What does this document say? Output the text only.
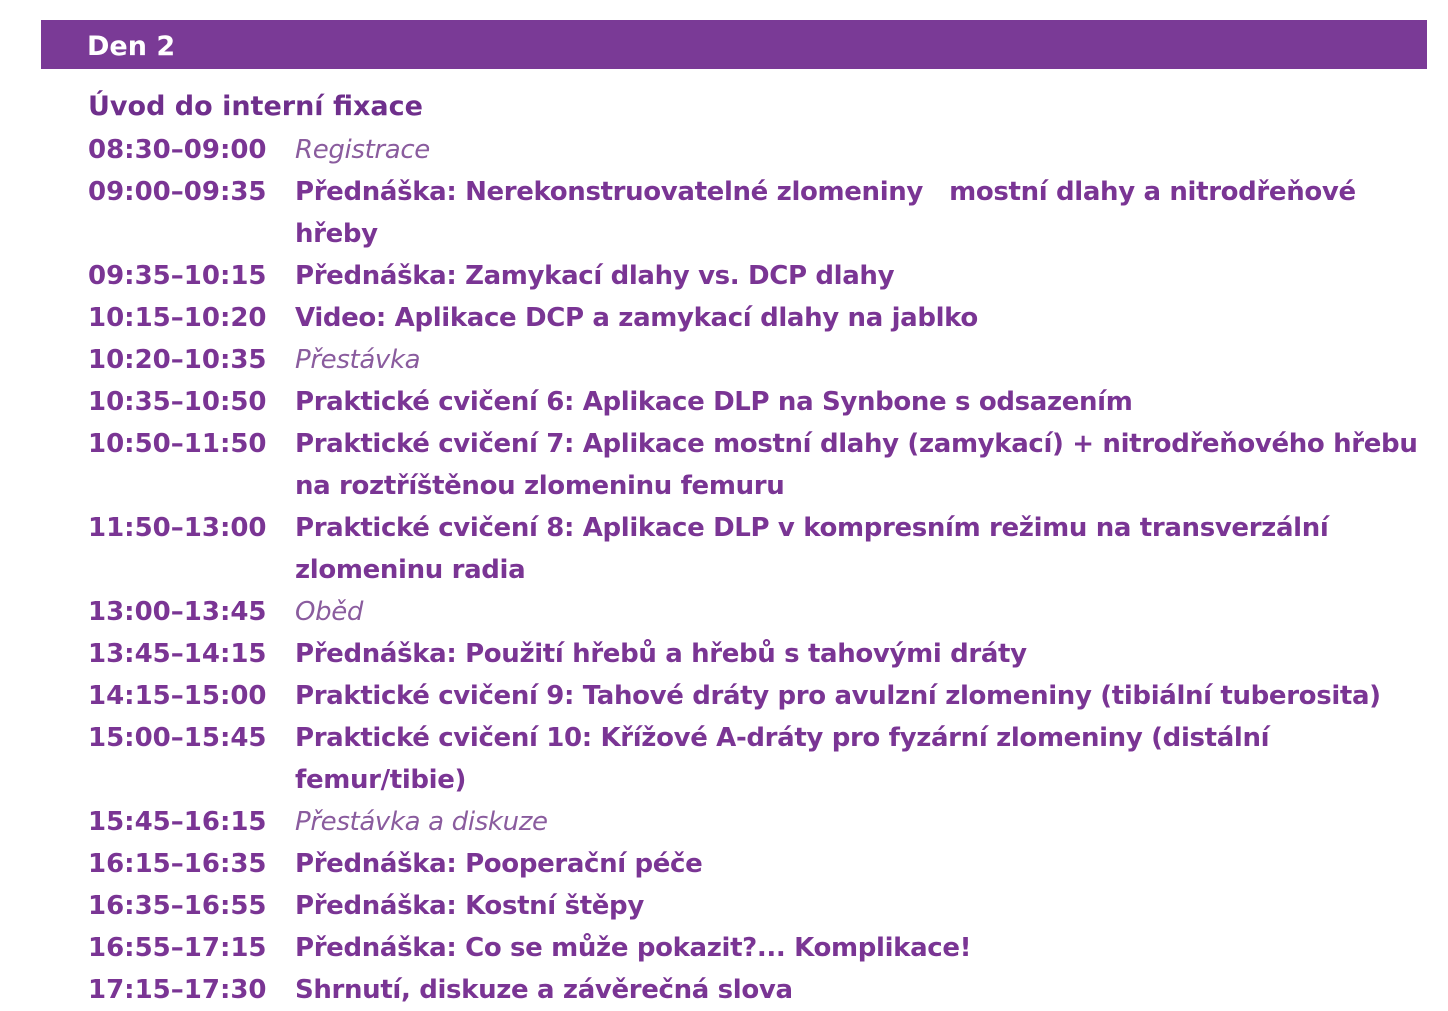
Den 2
Úvod do interní fixace
08:30–09:00	Registrace
09:00–09:35	Přednáška: Nerekonstruovatelné zlomeniny   mostní dlahy a nitrodřeňové hřeby
09:35–10:15	Přednáška: Zamykací dlahy vs. DCP dlahy
10:15–10:20	Video: Aplikace DCP a zamykací dlahy na jablko
10:20–10:35	Přestávka
10:35–10:50	Praktické cvičení 6: Aplikace DLP na Synbone s odsazením
10:50–11:50	Praktické cvičení 7: Aplikace mostní dlahy (zamykací) + nitrodřeňového hřebu
na roztříštěnou zlomeninu femuru
11:50–13:00	Praktické cvičení 8: Aplikace DLP v kompresním režimu na transverzální
zlomeninu radia
13:00–13:45	Oběd
13:45–14:15	Přednáška: Použití hřebů a hřebů s tahovými dráty
14:15–15:00	Praktické cvičení 9: Tahové dráty pro avulzní zlomeniny (tibiální tuberosita)
15:00–15:45	Praktické cvičení 10: Křížové A-dráty pro fyzární zlomeniny (distální femur/tibie)
15:45–16:15	Přestávka a diskuze
16:15–16:35	Přednáška: Pooperační péče
16:35–16:55	Přednáška: Kostní štěpy
16:55–17:15	Přednáška: Co se může pokazit?... Komplikace!
17:15–17:30	Shrnutí, diskuze a závěrečná slova
